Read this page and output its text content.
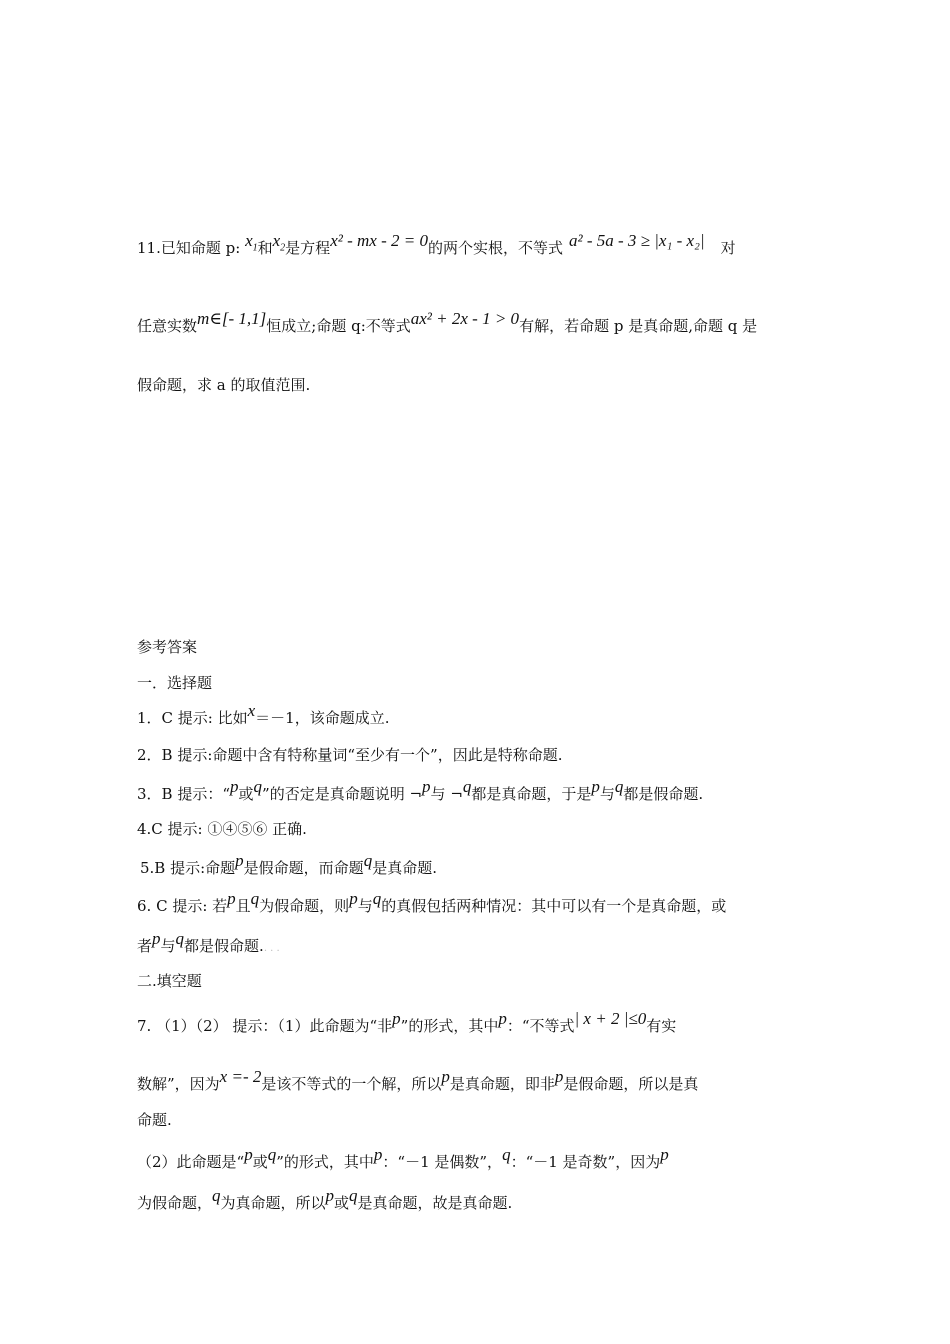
11.已知命题 p: $x_1$和$x_2$是方程x² - mx - 2 = 0的两个实根，不等式 a² - 5a - 3 ≥ |x₁ - x₂| 对
任意实数m∈[- 1,1]恒成立;命题 q:不等式ax² + 2x - 1 > 0有解，若命题 p 是真命题,命题 q 是
假命题，求 a 的取值范围.
参考答案
一．选择题
1．C 提示: 比如x＝－1，该命题成立.
2．B 提示:命题中含有特称量词“至少有一个”，因此是特称命题.
3．B 提示：“p或q”的否定是真命题说明 ¬p与 ¬q都是真命题，于是p与q都是假命题.
4.C 提示: ①④⑤⑥ 正确.
5.B 提示:命题p是假命题，而命题q是真命题.
6. C 提示: 若p且q为假命题，则p与q的真假包括两种情况：其中可以有一个是真命题，或
者p与q都是假命题.. . .
二.填空题
7. （1）（2） 提示：（1）此命题为“非p”的形式，其中p：“不等式| x + 2 |≤0有实
数解”，因为x =- 2是该不等式的一个解，所以p是真命题，即非p是假命题，所以是真
命题.
（2）此命题是“p或q”的形式，其中p：“－1 是偶数”，q：“－1 是奇数”，因为p
为假命题，q为真命题，所以p或q是真命题，故是真命题.
